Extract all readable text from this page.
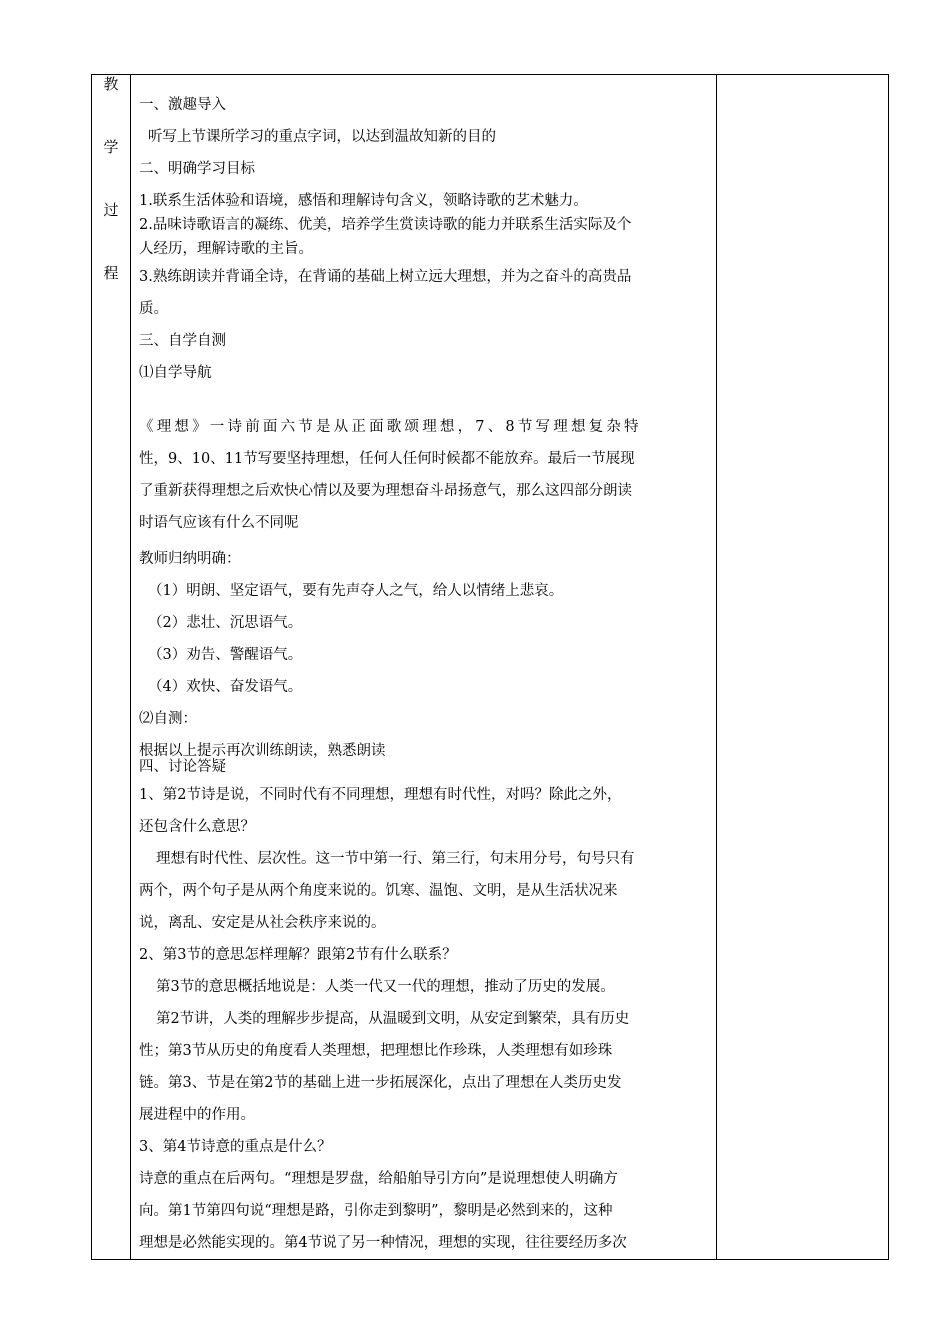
教
学
过
程

一、激趣导入

听写上节课所学习的重点字词，以达到温故知新的目的

二、明确学习目标

1.联系生活体验和语境，感悟和理解诗句含义，领略诗歌的艺术魅力。

2.品味诗歌语言的凝练、优美，培养学生赏读诗歌的能力并联系生活实际及个

人经历，理解诗歌的主旨。

3.熟练朗读并背诵全诗，在背诵的基础上树立远大理想，并为之奋斗的高贵品

质。

三、自学自测

⑴自学导航

《理想》一诗前面六节是从正面歌颂理想，7、8节写理想复杂特

性，9、10、11节写要坚持理想，任何人任何时候都不能放弃。最后一节展现

了重新获得理想之后欢快心情以及要为理想奋斗昂扬意气，那么这四部分朗读

时语气应该有什么不同呢

教师归纳明确：

（1）明朗、坚定语气，要有先声夺人之气，给人以情绪上悲哀。

（2）悲壮、沉思语气。

（3）劝告、警醒语气。

（4）欢快、奋发语气。

⑵自测：

根据以上提示再次训练朗读，熟悉朗读

四、讨论答疑

1、第2节诗是说，不同时代有不同理想，理想有时代性，对吗？除此之外，

还包含什么意思？

理想有时代性、层次性。这一节中第一行、第三行，句末用分号，句号只有

两个，两个句子是从两个角度来说的。饥寒、温饱、文明，是从生活状况来

说，离乱、安定是从社会秩序来说的。

2、第3节的意思怎样理解？跟第2节有什么联系？

第3节的意思概括地说是：人类一代又一代的理想，推动了历史的发展。

第2节讲，人类的理解步步提高，从温暖到文明，从安定到繁荣，具有历史

性；第3节从历史的角度看人类理想，把理想比作珍珠，人类理想有如珍珠

链。第3、节是在第2节的基础上进一步拓展深化，点出了理想在人类历史发

展进程中的作用。

3、第4节诗意的重点是什么？

诗意的重点在后两句。“理想是罗盘，给船舶导引方向”是说理想使人明确方

向。第1节第四句说“理想是路，引你走到黎明”，黎明是必然到来的，这种

理想是必然能实现的。第4节说了另一种情况，理想的实现，往往要经历多次
